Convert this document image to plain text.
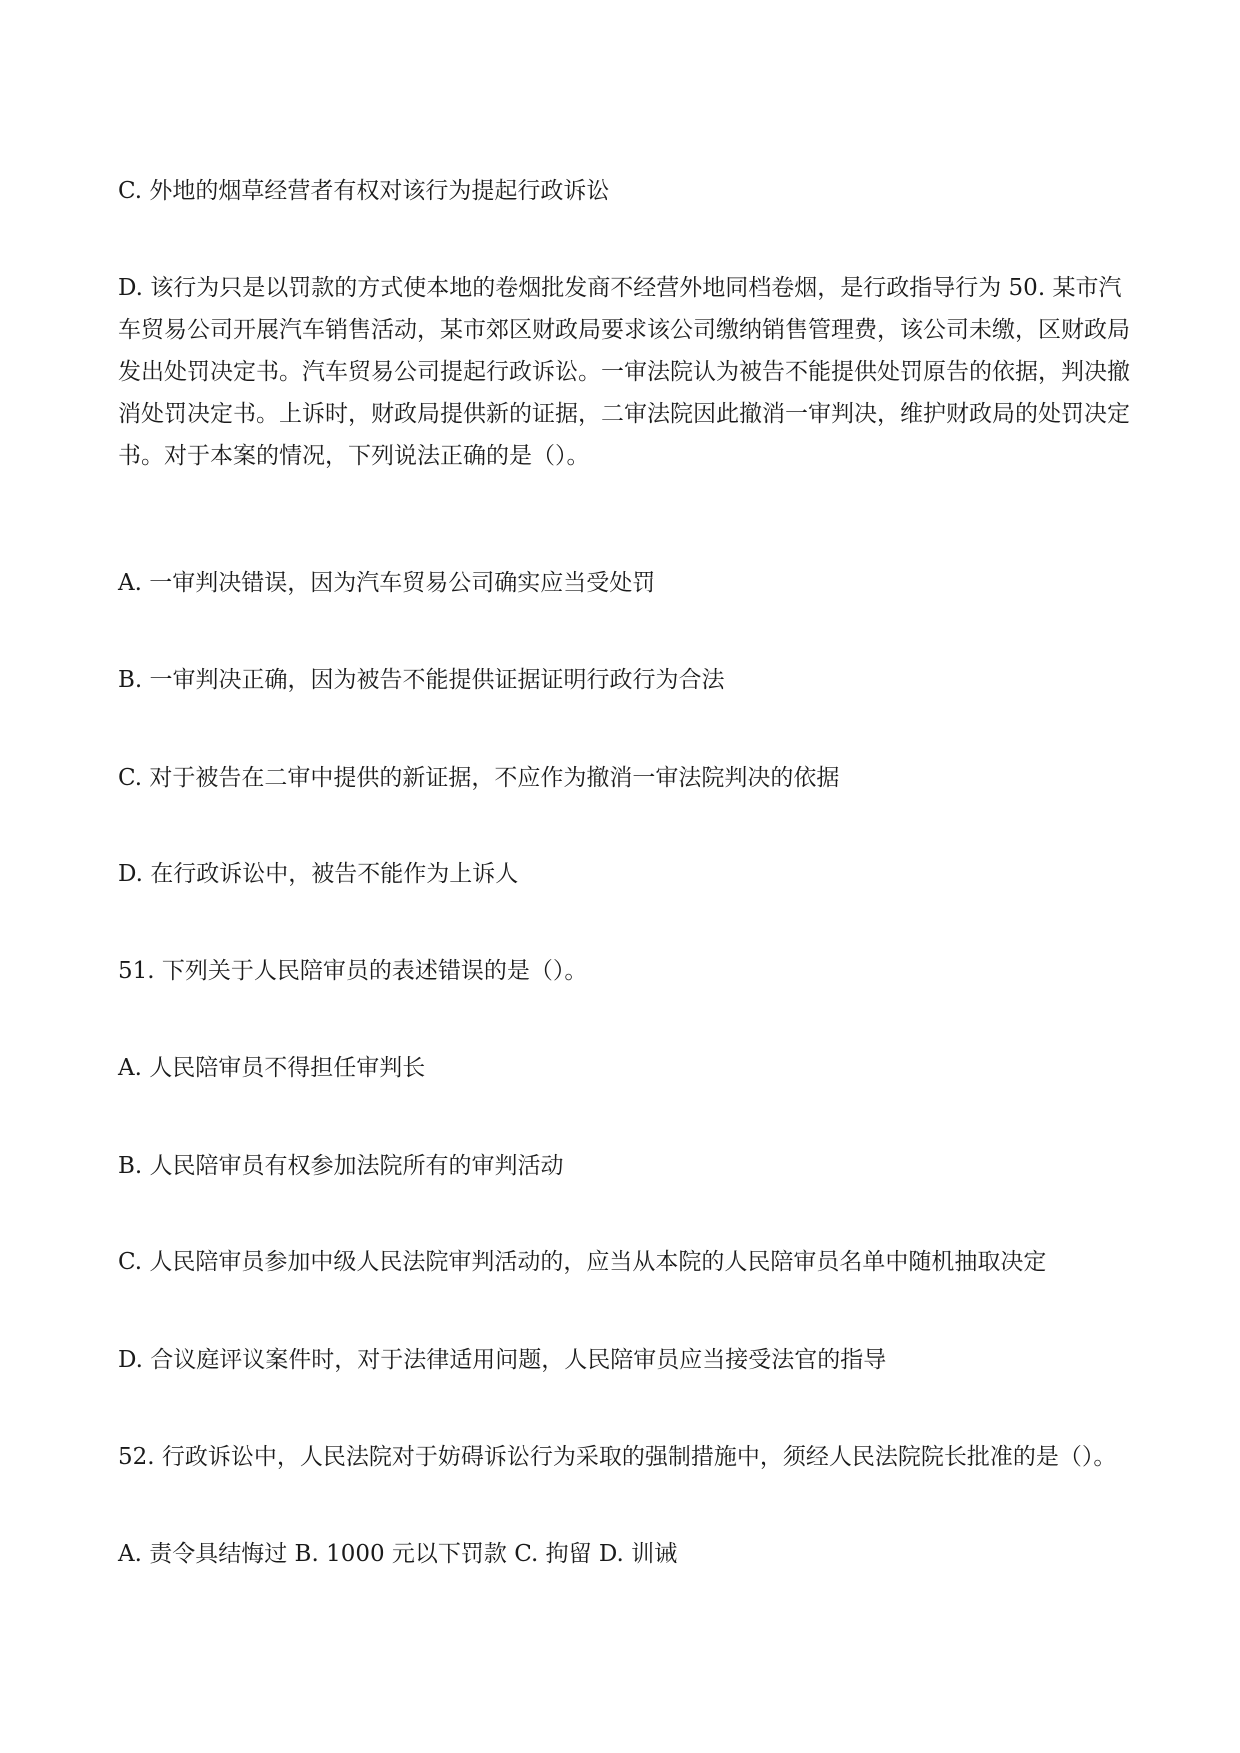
C. 外地的烟草经营者有权对该行为提起行政诉讼
D. 该行为只是以罚款的方式使本地的卷烟批发商不经营外地同档卷烟，是行政指导行为 50. 某市汽车贸易公司开展汽车销售活动，某市郊区财政局要求该公司缴纳销售管理费，该公司未缴，区财政局发出处罚决定书。汽车贸易公司提起行政诉讼。一审法院认为被告不能提供处罚原告的依据，判决撤消处罚决定书。上诉时，财政局提供新的证据，二审法院因此撤消一审判决，维护财政局的处罚决定书。对于本案的情况，下列说法正确的是（）。
A. 一审判决错误，因为汽车贸易公司确实应当受处罚
B. 一审判决正确，因为被告不能提供证据证明行政行为合法
C. 对于被告在二审中提供的新证据，不应作为撤消一审法院判决的依据
D. 在行政诉讼中，被告不能作为上诉人
51. 下列关于人民陪审员的表述错误的是（）。
A. 人民陪审员不得担任审判长
B. 人民陪审员有权参加法院所有的审判活动
C. 人民陪审员参加中级人民法院审判活动的，应当从本院的人民陪审员名单中随机抽取决定
D. 合议庭评议案件时，对于法律适用问题，人民陪审员应当接受法官的指导
52. 行政诉讼中，人民法院对于妨碍诉讼行为采取的强制措施中，须经人民法院院长批准的是（）。
A. 责令具结悔过 B. 1000 元以下罚款 C. 拘留 D. 训诫
